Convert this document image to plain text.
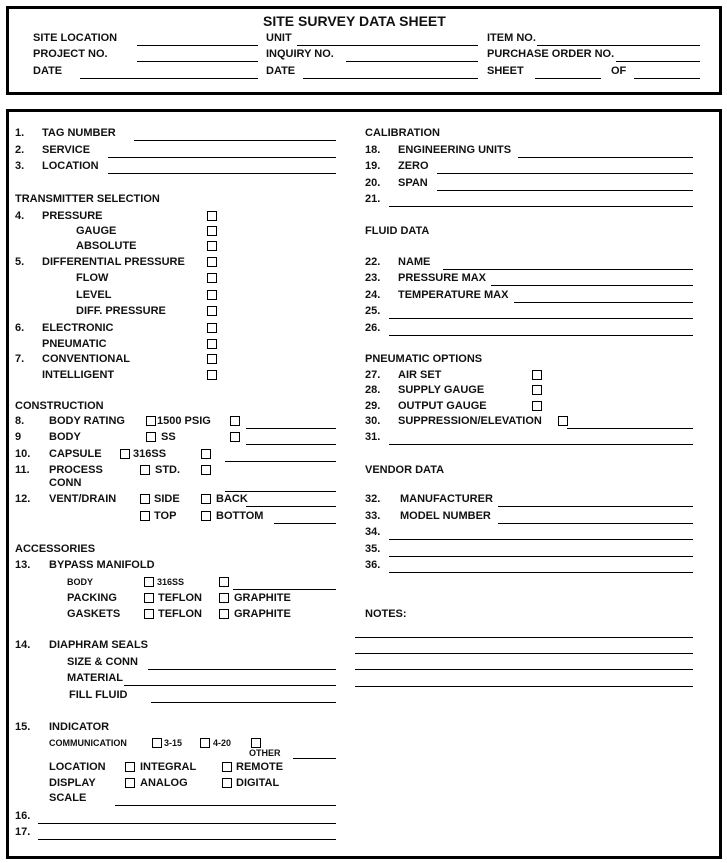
SITE SURVEY DATA SHEET
SITE LOCATION
PROJECT NO.
DATE
UNIT
INQUIRY NO.
DATE
ITEM NO.
PURCHASE ORDER NO.
SHEET	OF
1. TAG NUMBER
2. SERVICE
3. LOCATION
TRANSMITTER SELECTION
4. PRESSURE
GAUGE
ABSOLUTE
5. DIFFERENTIAL PRESSURE
FLOW
LEVEL
DIFF. PRESSURE
6. ELECTRONIC
PNEUMATIC
7. CONVENTIONAL
INTELLIGENT
CONSTRUCTION
8. BODY RATING	1500 PSIG
9	BODY	SS
10. CAPSULE	316SS
11. PROCESS
CONN
STD.
12. VENT/DRAIN	SIDE	BACK
TOP	BOTTOM
ACCESSORIES
13. BYPASS MANIFOLD
BODY	316SS
PACKING	TEFLON	GRAPHITE
GASKETS	TEFLON	GRAPHITE
14. DIAPHRAM SEALS
SIZE & CONN
MATERIAL
FILL FLUID
15. INDICATOR
COMMUNICATION	3-15	4-20
OTHER
LOCATION	INTEGRAL	REMOTE
DISPLAY	ANALOG	DIGITAL
SCALE
16.
17.
CALIBRATION
18. ENGINEERING UNITS
19. ZERO
20. SPAN
21.
FLUID DATA
22. NAME
23. PRESSURE MAX
24. TEMPERATURE MAX
25.
26.
PNEUMATIC OPTIONS
27. AIR SET
28. SUPPLY GAUGE
29. OUTPUT GAUGE
30. SUPPRESSION/ELEVATION
31.
VENDOR DATA
32. MANUFACTURER
33. MODEL NUMBER
34.
35.
36.
NOTES:
